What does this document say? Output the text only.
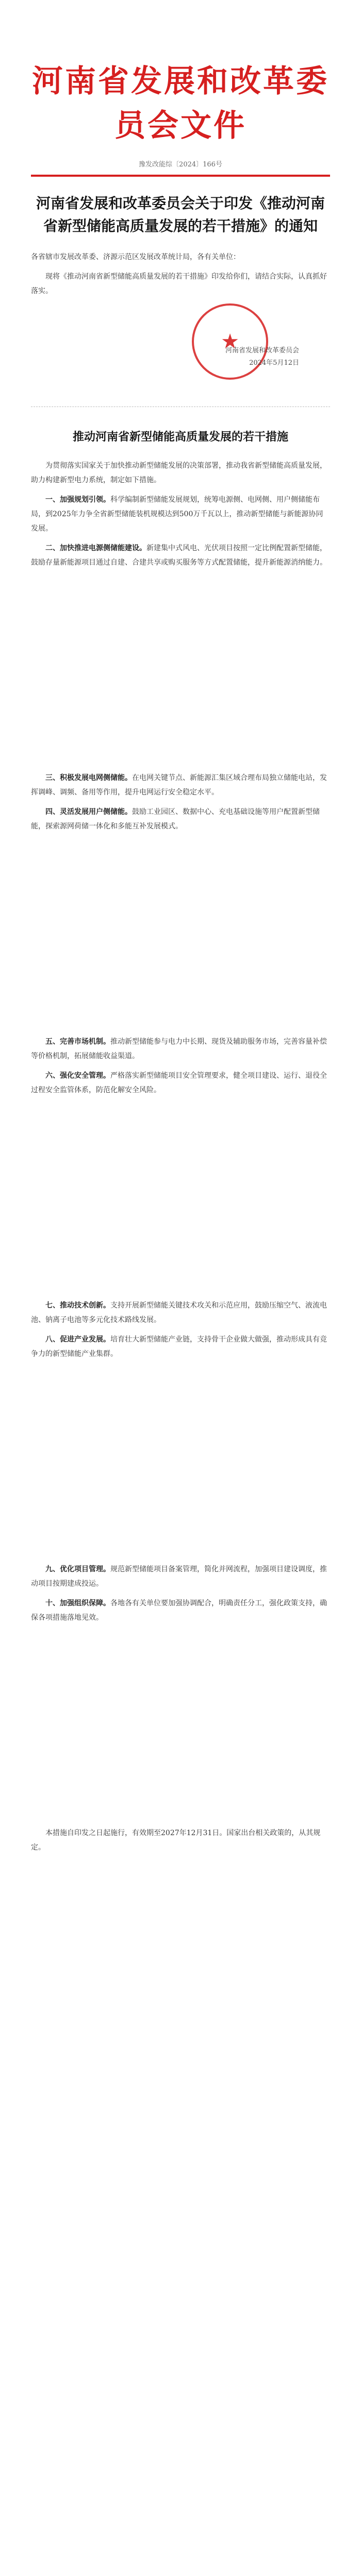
河南省发展和改革委员会文件
豫发改能综〔2024〕166号
河南省发展和改革委员会关于印发《推动河南省新型储能高质量发展的若干措施》的通知

各省辖市发展改革委、济源示范区发展改革统计局，各有关单位：

现将《推动河南省新型储能高质量发展的若干措施》印发给你们，请结合实际，认真抓好落实。

★
河南省发展和改革委员会
2024年5月12日
推动河南省新型储能高质量发展的若干措施

为贯彻落实国家关于加快推动新型储能发展的决策部署，推动我省新型储能高质量发展，助力构建新型电力系统，制定如下措施。

一、加强规划引领。科学编制新型储能发展规划，统筹电源侧、电网侧、用户侧储能布局，到2025年力争全省新型储能装机规模达到500万千瓦以上，推动新型储能与新能源协同发展。

二、加快推进电源侧储能建设。新建集中式风电、光伏项目按照一定比例配置新型储能，鼓励存量新能源项目通过自建、合建共享或购买服务等方式配置储能，提升新能源消纳能力。

三、积极发展电网侧储能。在电网关键节点、新能源汇集区域合理布局独立储能电站，发挥调峰、调频、备用等作用，提升电网运行安全稳定水平。

四、灵活发展用户侧储能。鼓励工业园区、数据中心、充电基础设施等用户配置新型储能，探索源网荷储一体化和多能互补发展模式。

五、完善市场机制。推动新型储能参与电力中长期、现货及辅助服务市场，完善容量补偿等价格机制，拓展储能收益渠道。

六、强化安全管理。严格落实新型储能项目安全管理要求，健全项目建设、运行、退役全过程安全监管体系，防范化解安全风险。

七、推动技术创新。支持开展新型储能关键技术攻关和示范应用，鼓励压缩空气、液流电池、钠离子电池等多元化技术路线发展。

八、促进产业发展。培育壮大新型储能产业链，支持骨干企业做大做强，推动形成具有竞争力的新型储能产业集群。

九、优化项目管理。规范新型储能项目备案管理，简化并网流程，加强项目建设调度，推动项目按期建成投运。

十、加强组织保障。各地各有关单位要加强协调配合，明确责任分工，强化政策支持，确保各项措施落地见效。

本措施自印发之日起施行，有效期至2027年12月31日。国家出台相关政策的，从其规定。
